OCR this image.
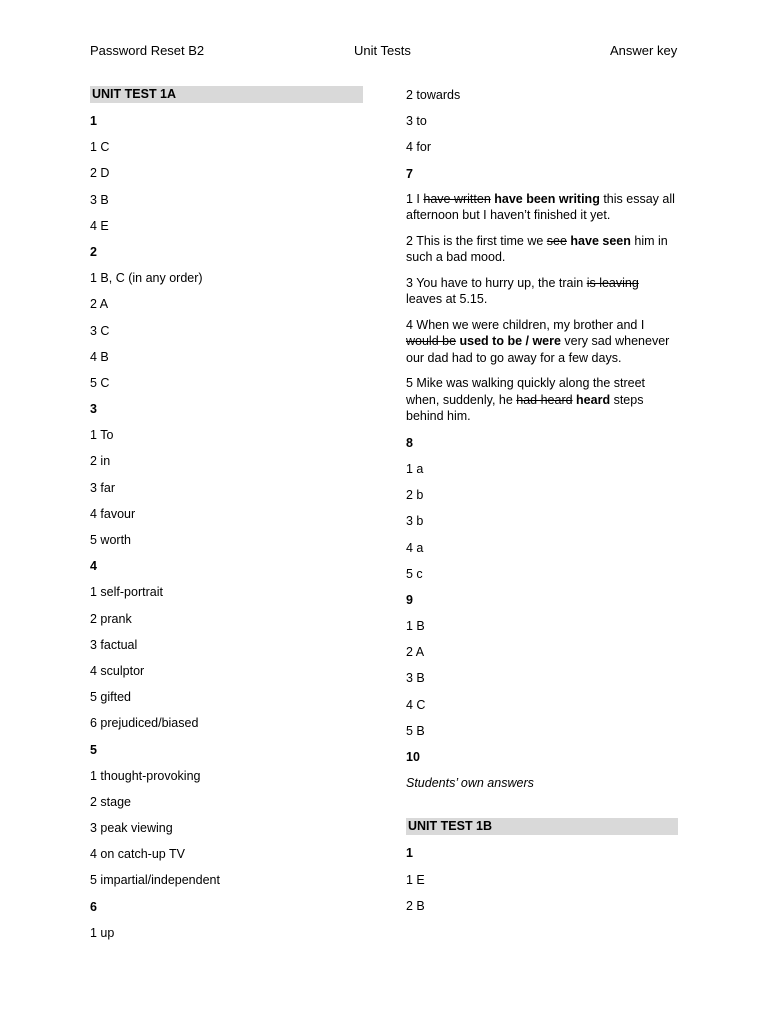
Password Reset B2	Unit Tests	Answer key
UNIT TEST 1A
1
1 C
2 D
3 B
4 E
2
1 B, C (in any order)
2 A
3 C
4 B
5 C
3
1 To
2 in
3 far
4 favour
5 worth
4
1 self-portrait
2 prank
3 factual
4 sculptor
5 gifted
6 prejudiced/biased
5
1 thought-provoking
2 stage
3 peak viewing
4 on catch-up TV
5 impartial/independent
6
1 up
2 towards
3 to
4 for
7
1 I have written have been writing this essay all afternoon but I haven’t finished it yet.
2 This is the first time we see have seen him in such a bad mood.
3 You have to hurry up, the train is leaving leaves at 5.15.
4 When we were children, my brother and I would be used to be / were very sad whenever our dad had to go away for a few days.
5 Mike was walking quickly along the street when, suddenly, he had heard heard steps behind him.
8
1 a
2 b
3 b
4 a
5 c
9
1 B
2 A
3 B
4 C
5 B
10
Students’ own answers
UNIT TEST 1B
1
1 E
2 B
